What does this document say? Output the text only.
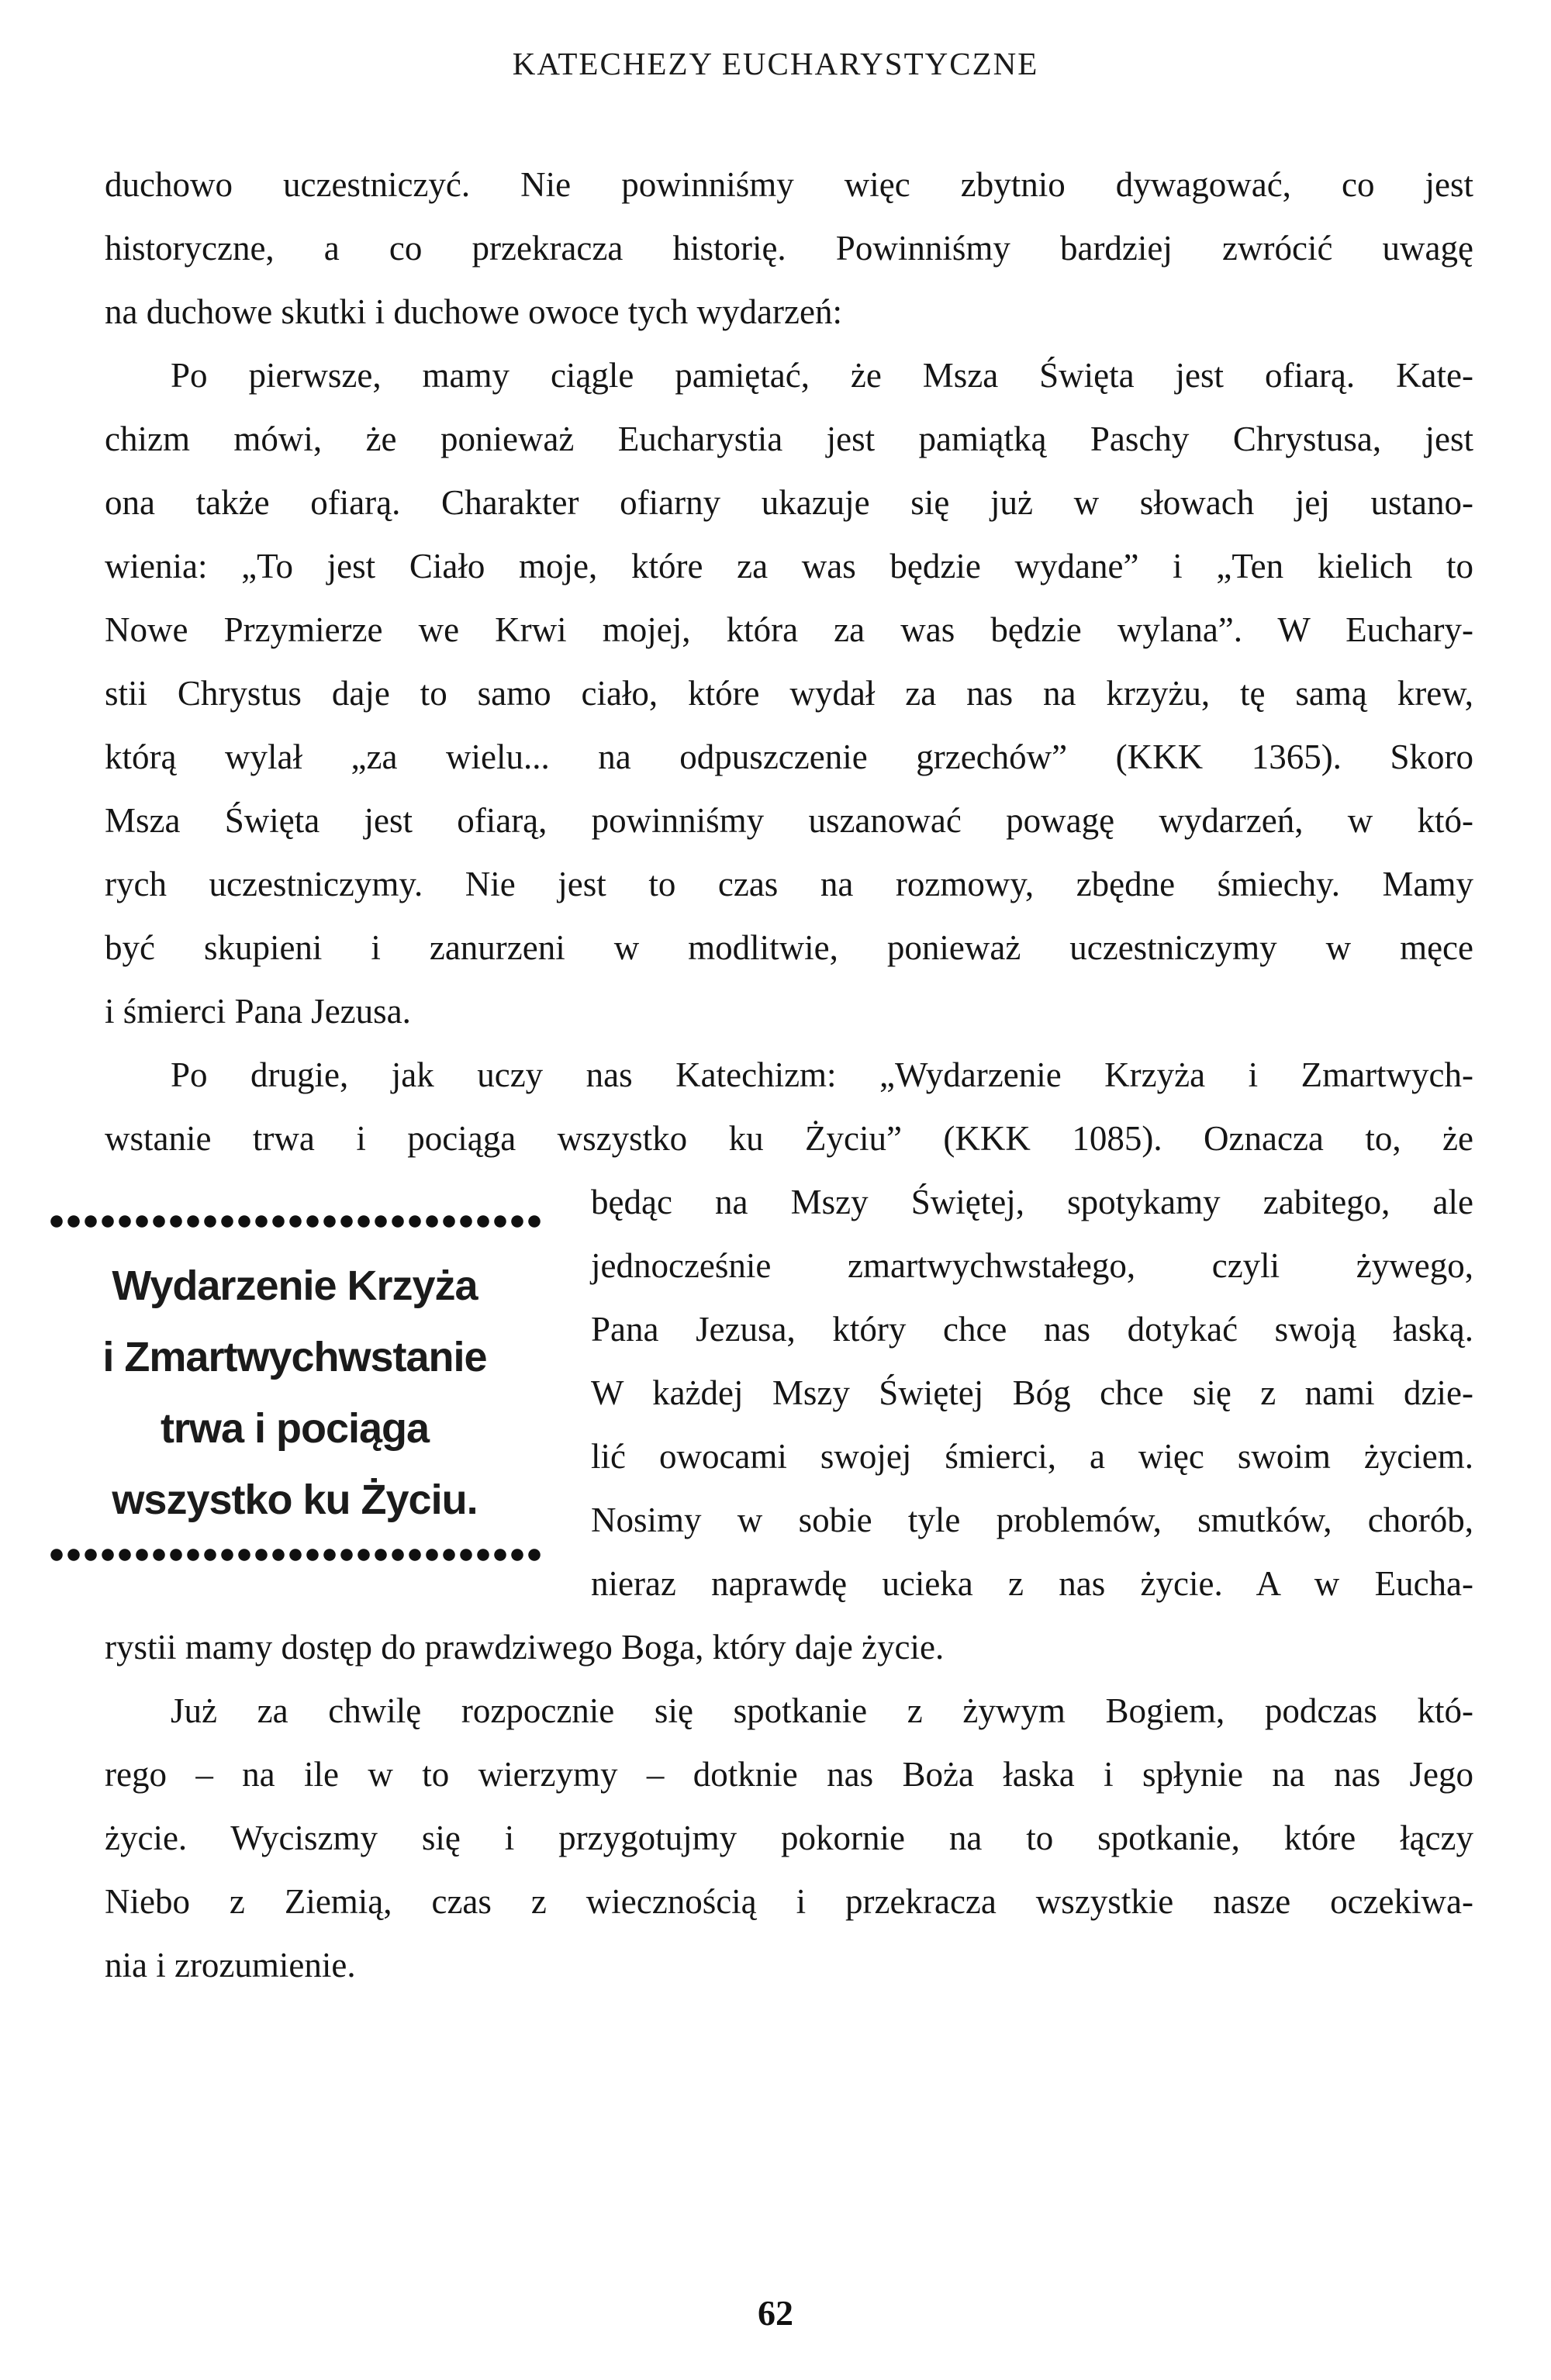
KATECHEZY EUCHARYSTYCZNE
duchowo uczestniczyć. Nie powinniśmy więc zbytnio dywagować, co jest
historyczne, a co przekracza historię. Powinniśmy bardziej zwrócić uwagę
na duchowe skutki i duchowe owoce tych wydarzeń:
Po pierwsze, mamy ciągle pamiętać, że Msza Święta jest ofiarą. Kate-
chizm mówi, że ponieważ Eucharystia jest pamiątką Paschy Chrystusa, jest
ona także ofiarą. Charakter ofiarny ukazuje się już w słowach jej ustano-
wienia: „To jest Ciało moje, które za was będzie wydane” i „Ten kielich to
Nowe Przymierze we Krwi mojej, która za was będzie wylana”. W Euchary-
stii Chrystus daje to samo ciało, które wydał za nas na krzyżu, tę samą krew,
którą wylał „za wielu... na odpuszczenie grzechów” (KKK 1365). Skoro
Msza Święta jest ofiarą, powinniśmy uszanować powagę wydarzeń, w któ-
rych uczestniczymy. Nie jest to czas na rozmowy, zbędne śmiechy. Mamy
być skupieni i zanurzeni w modlitwie, ponieważ uczestniczymy w męce
i śmierci Pana Jezusa.
Po drugie, jak uczy nas Katechizm: „Wydarzenie Krzyża i Zmartwych-
wstanie trwa i pociąga wszystko ku Życiu” (KKK 1085). Oznacza to, że
będąc na Mszy Świętej, spotykamy zabitego, ale
jednocześnie zmartwychwstałego, czyli żywego,
Pana Jezusa, który chce nas dotykać swoją łaską.
W każdej Mszy Świętej Bóg chce się z nami dzie-
lić owocami swojej śmierci, a więc swoim życiem.
Nosimy w sobie tyle problemów, smutków, chorób,
nieraz naprawdę ucieka z nas życie. A w Eucha-
rystii mamy dostęp do prawdziwego Boga, który daje życie.
Już za chwilę rozpocznie się spotkanie z żywym Bogiem, podczas któ-
rego – na ile w to wierzymy – dotknie nas Boża łaska i spłynie na nas Jego
życie. Wyciszmy się i przygotujmy pokornie na to spotkanie, które łączy
Niebo z Ziemią, czas z wiecznością i przekracza wszystkie nasze oczekiwa-
nia i zrozumienie.
Wydarzenie Krzyża
i Zmartwychwstanie
trwa i pociąga
wszystko ku Życiu.
62
